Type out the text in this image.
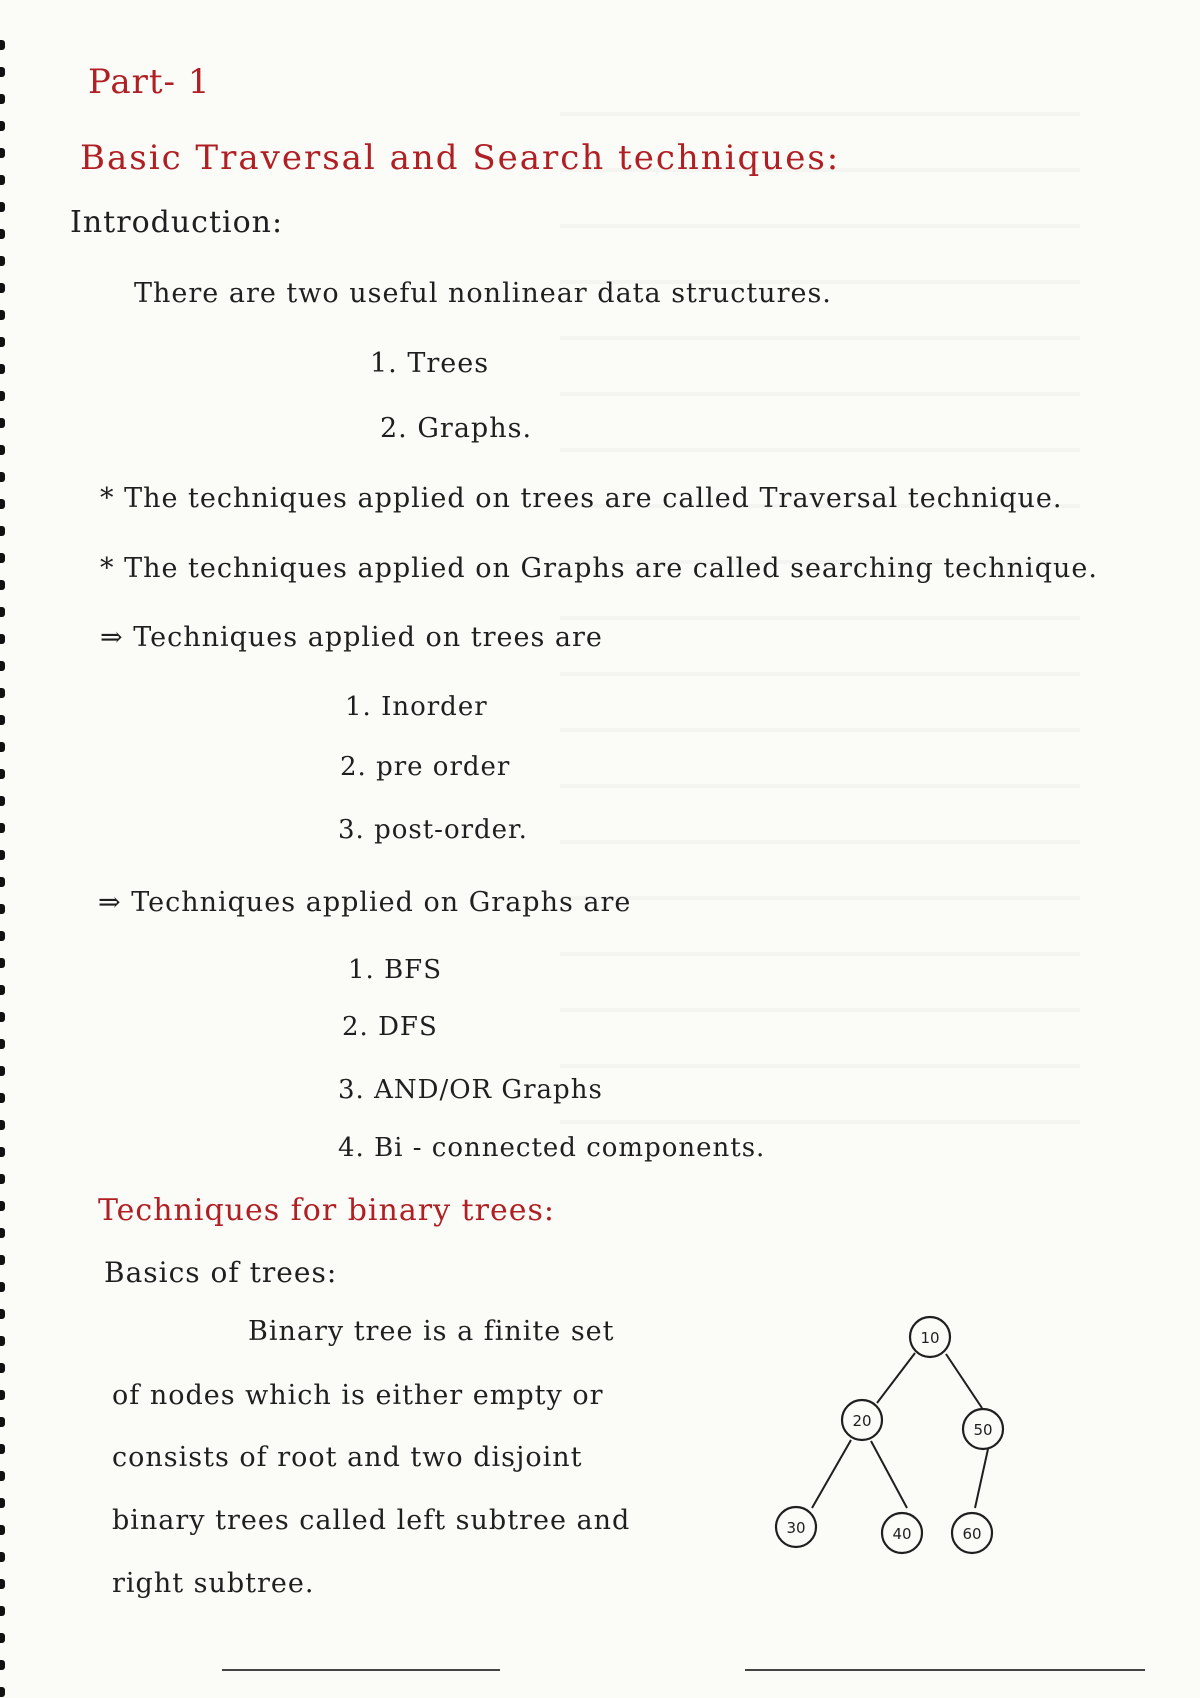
Part- 1
Basic Traversal and Search techniques:
Introduction:
There are two useful nonlinear data structures.
1. Trees
2. Graphs.
* The techniques applied on trees are called Traversal technique.
* The techniques applied on Graphs are called searching technique.
⇒ Techniques applied on trees are
1. Inorder
2. pre order
3. post-order.
⇒ Techniques applied on Graphs are
1. BFS
2. DFS
3. AND/OR Graphs
4. Bi - connected components.
Techniques for binary trees:
Basics of trees:
Binary tree is a finite set
of nodes which is either empty or
consists of root and two disjoint
binary trees called left subtree and
right subtree.
10
20	50
30	40	60
